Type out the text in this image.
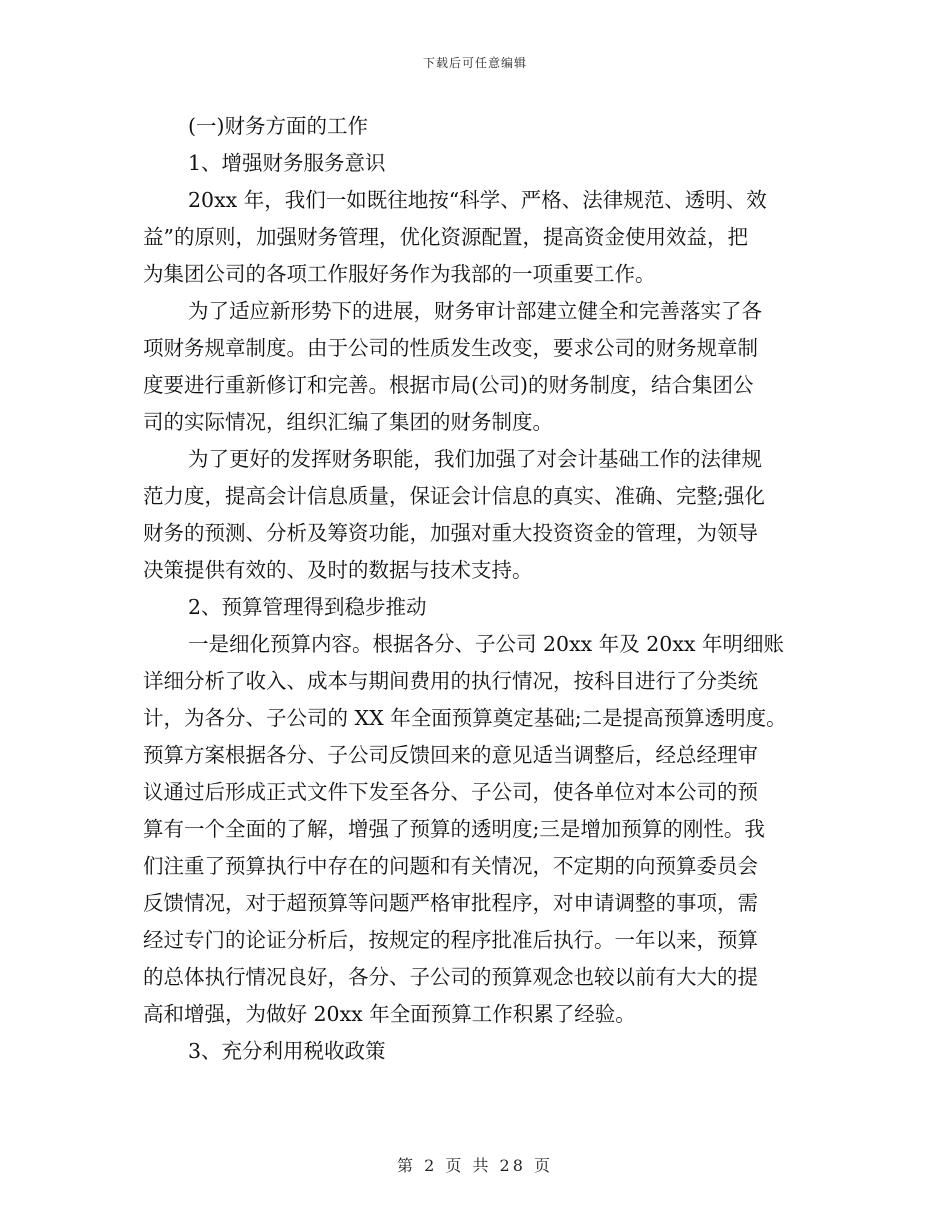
下载后可任意编辑
(一)财务方面的工作
1、增强财务服务意识
20xx 年，我们一如既往地按“科学、严格、法律规范、透明、效
益”的原则，加强财务管理，优化资源配置，提高资金使用效益，把
为集团公司的各项工作服好务作为我部的一项重要工作。
为了适应新形势下的进展，财务审计部建立健全和完善落实了各
项财务规章制度。由于公司的性质发生改变，要求公司的财务规章制
度要进行重新修订和完善。根据市局(公司)的财务制度，结合集团公
司的实际情况，组织汇编了集团的财务制度。
为了更好的发挥财务职能，我们加强了对会计基础工作的法律规
范力度，提高会计信息质量，保证会计信息的真实、准确、完整;强化
财务的预测、分析及筹资功能，加强对重大投资资金的管理，为领导
决策提供有效的、及时的数据与技术支持。
2、预算管理得到稳步推动
一是细化预算内容。根据各分、子公司 20xx 年及 20xx 年明细账
详细分析了收入、成本与期间费用的执行情况，按科目进行了分类统
计，为各分、子公司的 XX 年全面预算奠定基础;二是提高预算透明度。
预算方案根据各分、子公司反馈回来的意见适当调整后，经总经理审
议通过后形成正式文件下发至各分、子公司，使各单位对本公司的预
算有一个全面的了解，增强了预算的透明度;三是增加预算的刚性。我
们注重了预算执行中存在的问题和有关情况，不定期的向预算委员会
反馈情况，对于超预算等问题严格审批程序，对申请调整的事项，需
经过专门的论证分析后，按规定的程序批准后执行。一年以来，预算
的总体执行情况良好，各分、子公司的预算观念也较以前有大大的提
高和增强，为做好 20xx 年全面预算工作积累了经验。
3、充分利用税收政策
第 2 页 共 28 页
